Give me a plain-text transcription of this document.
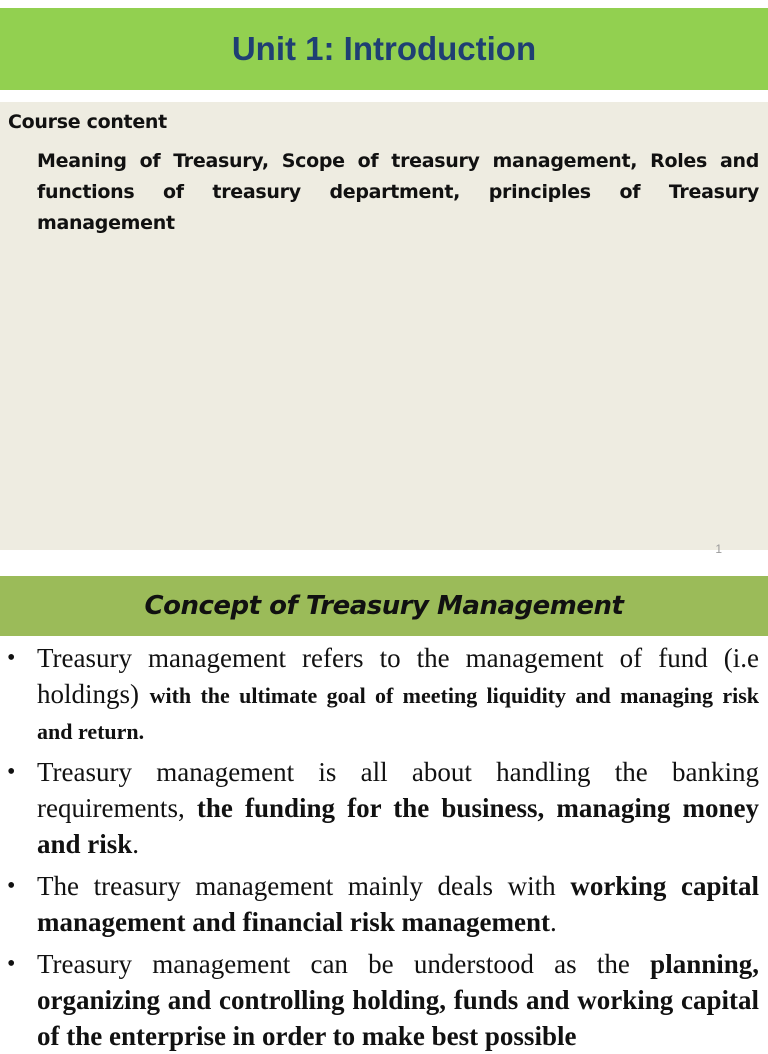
Unit 1: Introduction
Course content
Meaning of Treasury, Scope of treasury management, Roles and functions of treasury department, principles of Treasury management
1
Concept of Treasury Management
• Treasury management refers to the management of fund (i.e holdings) with the ultimate goal of meeting liquidity and managing risk and return.
• Treasury management is all about handling the banking requirements, the funding for the business, managing money and risk.
• The treasury management mainly deals with working capital management and financial risk management.
• Treasury management can be understood as the planning, organizing and controlling holding, funds and working capital of the enterprise in order to make best possible
